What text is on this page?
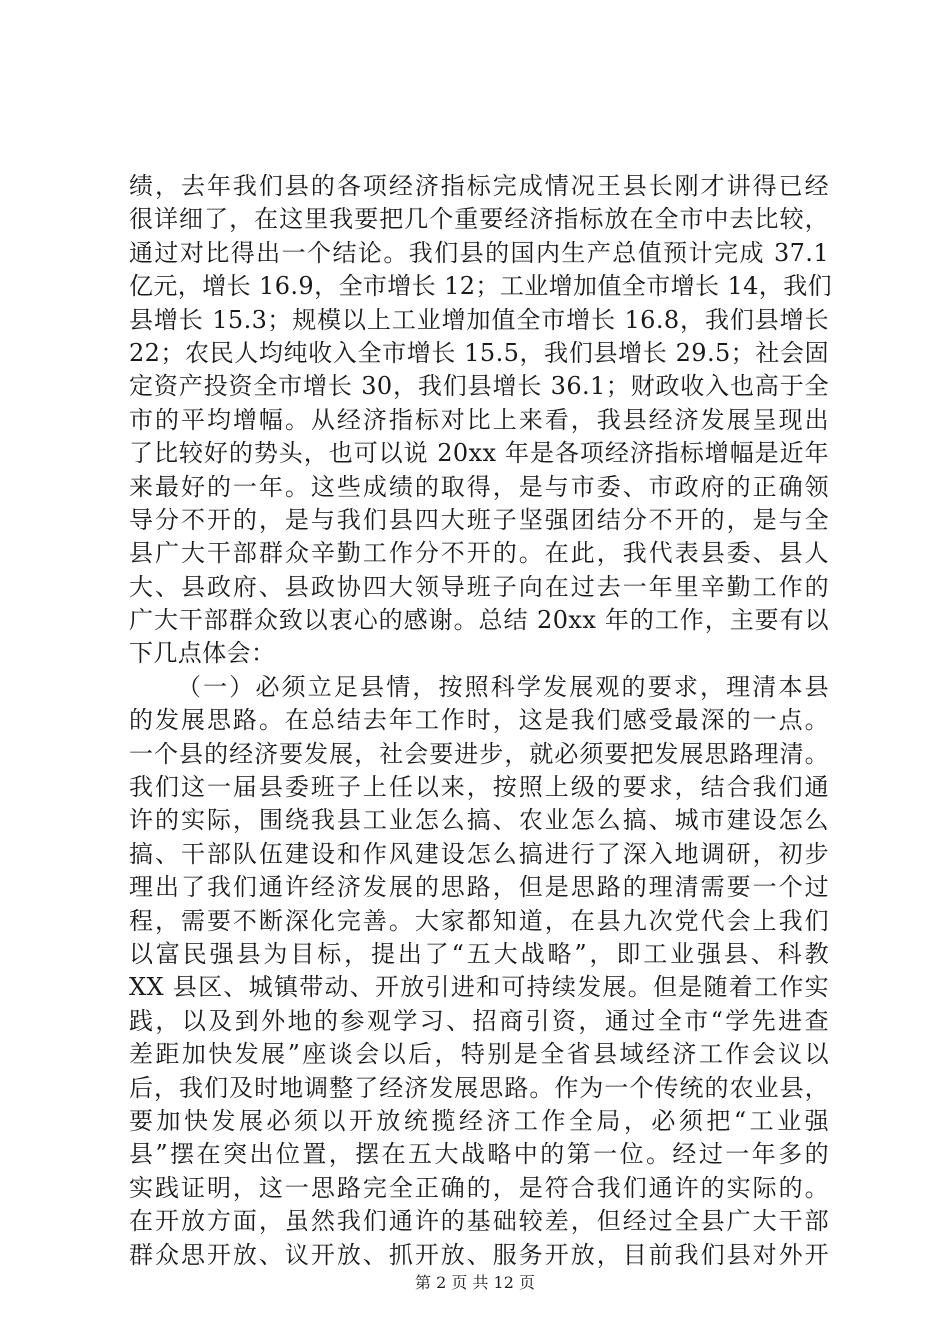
绩，去年我们县的各项经济指标完成情况王县长刚才讲得已经
很详细了，在这里我要把几个重要经济指标放在全市中去比较，
通过对比得出一个结论。我们县的国内生产总值预计完成 37.1
亿元，增长 16.9，全市增长 12；工业增加值全市增长 14，我们
县增长 15.3；规模以上工业增加值全市增长 16.8，我们县增长
22；农民人均纯收入全市增长 15.5，我们县增长 29.5；社会固
定资产投资全市增长 30，我们县增长 36.1；财政收入也高于全
市的平均增幅。从经济指标对比上来看，我县经济发展呈现出
了比较好的势头，也可以说 20xx 年是各项经济指标增幅是近年
来最好的一年。这些成绩的取得，是与市委、市政府的正确领
导分不开的，是与我们县四大班子坚强团结分不开的，是与全
县广大干部群众辛勤工作分不开的。在此，我代表县委、县人
大、县政府、县政协四大领导班子向在过去一年里辛勤工作的
广大干部群众致以衷心的感谢。总结 20xx 年的工作，主要有以
下几点体会：
（一）必须立足县情，按照科学发展观的要求，理清本县
的发展思路。在总结去年工作时，这是我们感受最深的一点。
一个县的经济要发展，社会要进步，就必须要把发展思路理清。
我们这一届县委班子上任以来，按照上级的要求，结合我们通
许的实际，围绕我县工业怎么搞、农业怎么搞、城市建设怎么
搞、干部队伍建设和作风建设怎么搞进行了深入地调研，初步
理出了我们通许经济发展的思路，但是思路的理清需要一个过
程，需要不断深化完善。大家都知道，在县九次党代会上我们
以富民强县为目标，提出了“五大战略”，即工业强县、科教
XX 县区、城镇带动、开放引进和可持续发展。但是随着工作实
践，以及到外地的参观学习、招商引资，通过全市“学先进查
差距加快发展”座谈会以后，特别是全省县域经济工作会议以
后，我们及时地调整了经济发展思路。作为一个传统的农业县，
要加快发展必须以开放统揽经济工作全局，必须把“工业强
县”摆在突出位置，摆在五大战略中的第一位。经过一年多的
实践证明，这一思路完全正确的，是符合我们通许的实际的。
在开放方面，虽然我们通许的基础较差，但经过全县广大干部
群众思开放、议开放、抓开放、服务开放，目前我们县对外开
第 2 页 共 12 页
